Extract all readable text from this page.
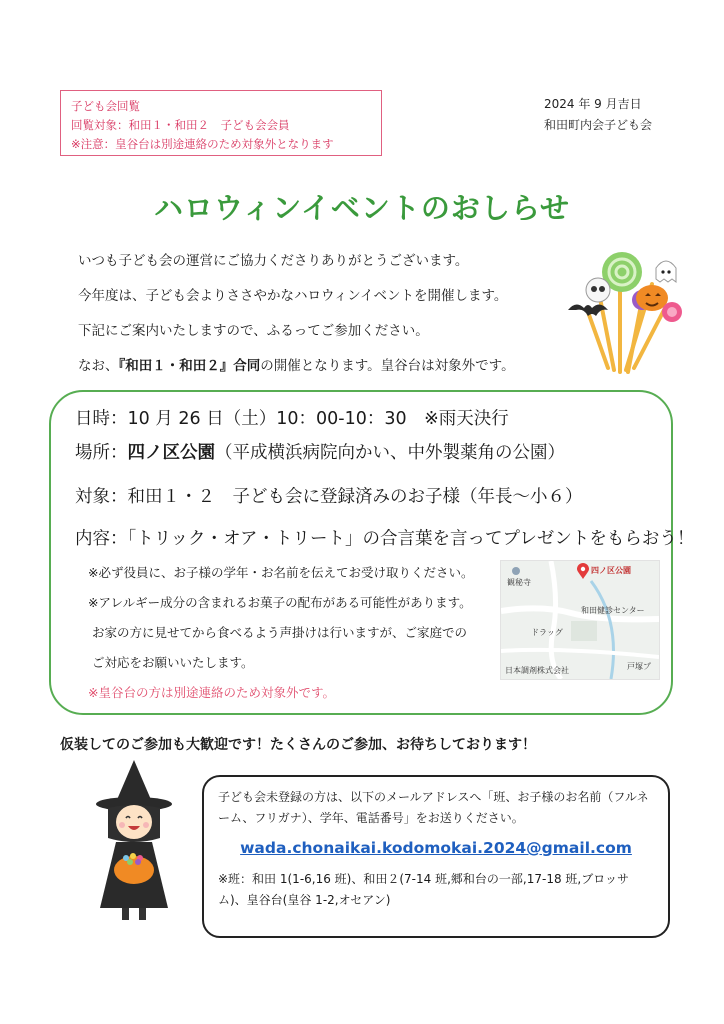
子ども会回覧
回覧対象：和田１・和田２　子ども会会員
※注意：皇谷台は別途連絡のため対象外となります
2024 年 9 月吉日
和田町内会子ども会
ハロウィンイベントのおしらせ

いつも子ども会の運営にご協力くださりありがとうございます。

今年度は、子ども会よりささやかなハロウィンイベントを開催します。

下記にご案内いたしますので、ふるってご参加ください。

なお、『和田１・和田２』合同の開催となります。皇谷台は対象外です。

日時：10 月 26 日（土）10：00-10：30　※雨天決行
場所：四ノ区公園（平成横浜病院向かい、中外製薬角の公園）
対象：和田１・２　子ども会に登録済みのお子様（年長～小６）
内容：「トリック・オア・トリート」の合言葉を言ってプレゼントをもらおう！

※必ず役員に、お子様の学年・お名前を伝えてお受け取りください。

※アレルギー成分の含まれるお菓子の配布がある可能性があります。

お家の方に見せてから食べるよう声掛けは行いますが、ご家庭での

ご対応をお願いいたします。

※皇谷台の方は別途連絡のため対象外です。

四ノ区公園
観秘寺
和田健診センター
ドラッグ
日本調剤株式会社	戸塚プ
仮装してのご参加も大歓迎です！たくさんのご参加、お待ちしております！

子ども会未登録の方は、以下のメールアドレスへ「班、お子様のお名前（フルネーム、フリガナ）、学年、電話番号」をお送りください。

wada.chonaikai.kodomokai.2024@gmail.com

※班：和田 1(1-6,16 班)、和田２(7-14 班,郷和台の一部,17-18 班,ブロッサム)、皇谷台(皇谷 1-2,オセアン)
